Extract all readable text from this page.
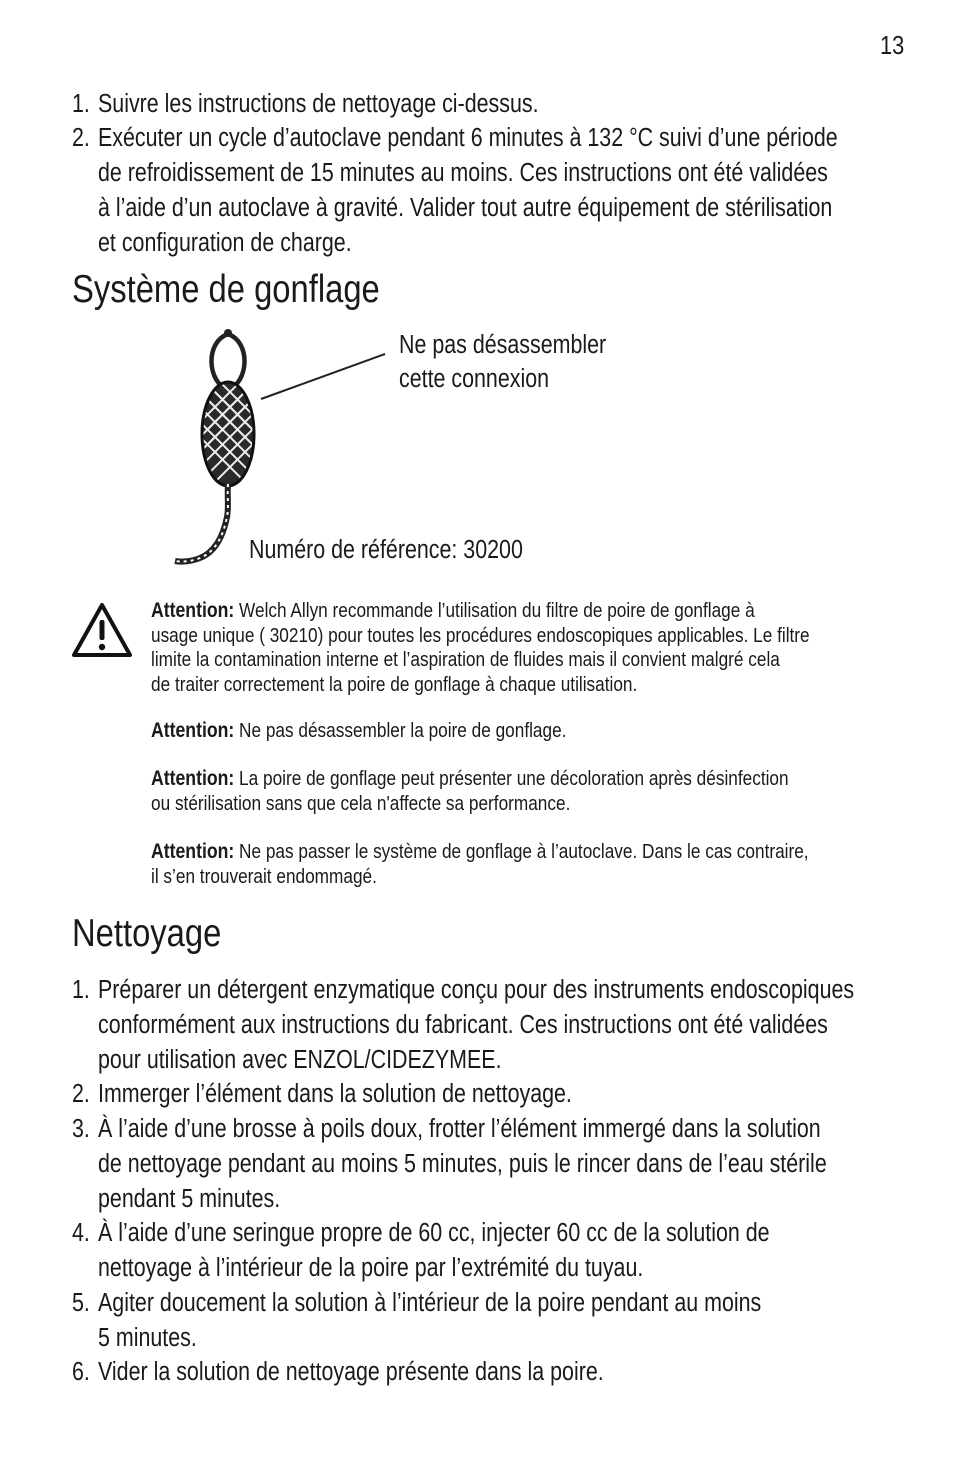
13
1. Suivre les instructions de nettoyage ci-dessus.
2. Exécuter un cycle d’autoclave pendant 6 minutes à 132 °C suivi d’une période
de refroidissement de 15 minutes au moins. Ces instructions ont été validées
à l’aide d’un autoclave à gravité. Valider tout autre équipement de stérilisation
et configuration de charge.
Système de gonflage
Ne pas désassembler
cette connexion
Numéro de référence: 30200
Attention: Welch Allyn recommande l’utilisation du filtre de poire de gonflage à
usage unique ( 30210) pour toutes les procédures endoscopiques applicables. Le filtre
limite la contamination interne et l’aspiration de fluides mais il convient malgré cela
de traiter correctement la poire de gonflage à chaque utilisation.
Attention: Ne pas désassembler la poire de gonflage.
Attention: La poire de gonflage peut présenter une décoloration après désinfection
ou stérilisation sans que cela n'affecte sa performance.
Attention: Ne pas passer le système de gonflage à l’autoclave. Dans le cas contraire,
il s’en trouverait endommagé.
Nettoyage
1. Préparer un détergent enzymatique conçu pour des instruments endoscopiques
conformément aux instructions du fabricant. Ces instructions ont été validées
pour utilisation avec ENZOL/CIDEZYMEE.
2. Immerger l’élément dans la solution de nettoyage.
3. À l’aide d’une brosse à poils doux, frotter l’élément immergé dans la solution
de nettoyage pendant au moins 5 minutes, puis le rincer dans de l’eau stérile
pendant 5 minutes.
4. À l’aide d’une seringue propre de 60 cc, injecter 60 cc de la solution de
nettoyage à l’intérieur de la poire par l’extrémité du tuyau.
5. Agiter doucement la solution à l’intérieur de la poire pendant au moins
5 minutes.
6. Vider la solution de nettoyage présente dans la poire.
